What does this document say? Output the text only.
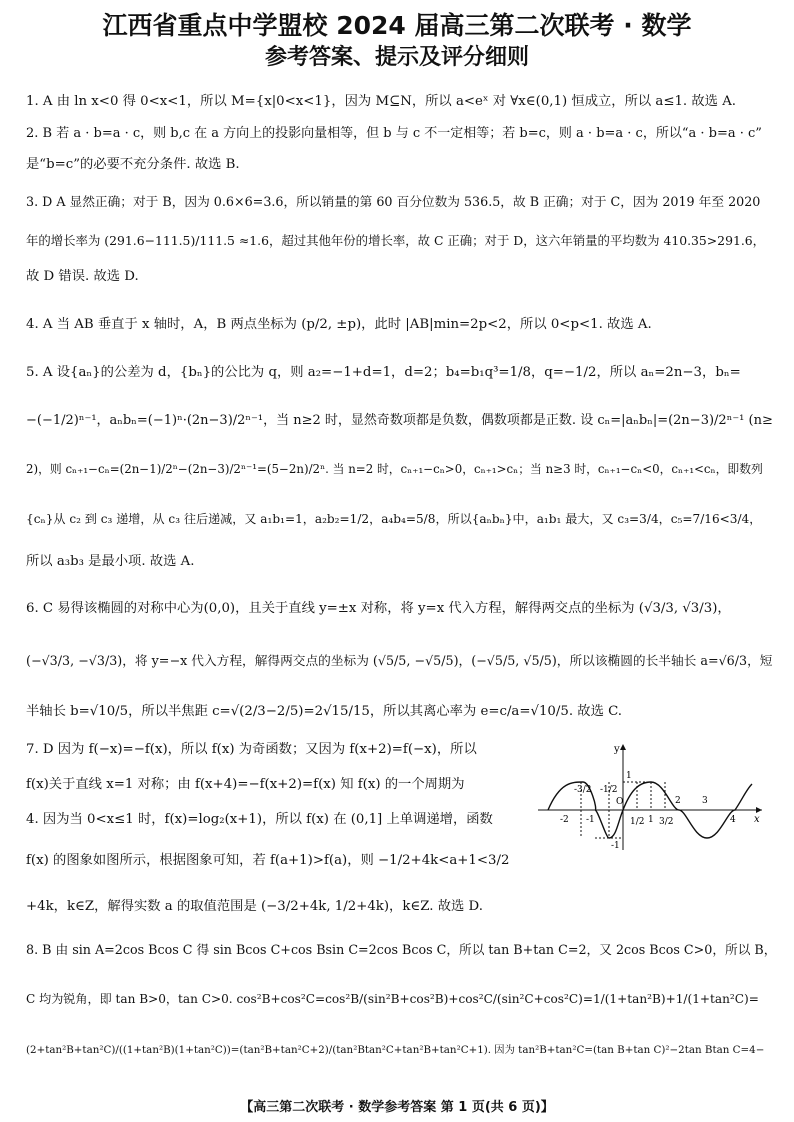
江西省重点中学盟校 2024 届高三第二次联考 · 数学
参考答案、提示及评分细则
1. A 由 ln x<0 得 0<x<1，所以 M={x|0<x<1}，因为 M⊆N，所以 a<eˣ 对 ∀x∈(0,1) 恒成立，所以 a≤1. 故选 A.
2. B 若 a · b=a · c，则 b,c 在 a 方向上的投影向量相等，但 b 与 c 不一定相等；若 b=c，则 a · b=a · c，所以“a · b=a · c”
是“b=c”的必要不充分条件. 故选 B.
3. D A 显然正确；对于 B，因为 0.6×6=3.6，所以销量的第 60 百分位数为 536.5，故 B 正确；对于 C，因为 2019 年至 2020
年的增长率为 (291.6−111.5)/111.5 ≈1.6，超过其他年份的增长率，故 C 正确；对于 D，这六年销量的平均数为 410.35>291.6，
故 D 错误. 故选 D.
4. A 当 AB 垂直于 x 轴时，A，B 两点坐标为 (p/2, ±p)，此时 |AB|min=2p<2，所以 0<p<1. 故选 A.
5. A 设{aₙ}的公差为 d，{bₙ}的公比为 q，则 a₂=−1+d=1，d=2；b₄=b₁q³=1/8，q=−1/2，所以 aₙ=2n−3，bₙ=
−(−1/2)ⁿ⁻¹，aₙbₙ=(−1)ⁿ·(2n−3)/2ⁿ⁻¹，当 n≥2 时，显然奇数项都是负数，偶数项都是正数. 设 cₙ=|aₙbₙ|=(2n−3)/2ⁿ⁻¹ (n≥
2)，则 cₙ₊₁−cₙ=(2n−1)/2ⁿ−(2n−3)/2ⁿ⁻¹=(5−2n)/2ⁿ. 当 n=2 时，cₙ₊₁−cₙ>0，cₙ₊₁>cₙ；当 n≥3 时，cₙ₊₁−cₙ<0，cₙ₊₁<cₙ，即数列
{cₙ}从 c₂ 到 c₃ 递增，从 c₃ 往后递减，又 a₁b₁=1，a₂b₂=1/2，a₄b₄=5/8，所以{aₙbₙ}中，a₁b₁ 最大，又 c₃=3/4，c₅=7/16<3/4，
所以 a₃b₃ 是最小项. 故选 A.
6. C 易得该椭圆的对称中心为(0,0)，且关于直线 y=±x 对称，将 y=x 代入方程，解得两交点的坐标为 (√3/3, √3/3)，
(−√3/3, −√3/3)，将 y=−x 代入方程，解得两交点的坐标为 (√5/5, −√5/5)，(−√5/5, √5/5)，所以该椭圆的长半轴长 a=√6/3，短
半轴长 b=√10/5，所以半焦距 c=√(2/3−2/5)=2√15/15，所以其离心率为 e=c/a=√10/5. 故选 C.
7. D 因为 f(−x)=−f(x)，所以 f(x) 为奇函数；又因为 f(x+2)=f(−x)，所以
f(x)关于直线 x=1 对称；由 f(x+4)=−f(x+2)=f(x) 知 f(x) 的一个周期为
4. 因为当 0<x≤1 时，f(x)=log₂(x+1)，所以 f(x) 在 (0,1] 上单调递增，函数
f(x) 的图象如图所示，根据图象可知，若 f(a+1)>f(a)，则 −1/2+4k<a+1<3/2
+4k，k∈Z，解得实数 a 的取值范围是 (−3/2+4k, 1/2+4k)，k∈Z. 故选 D.
8. B 由 sin A=2cos Bcos C 得 sin Bcos C+cos Bsin C=2cos Bcos C，所以 tan B+tan C=2，又 2cos Bcos C>0，所以 B，
C 均为锐角，即 tan B>0，tan C>0. cos²B+cos²C=cos²B/(sin²B+cos²B)+cos²C/(sin²C+cos²C)=1/(1+tan²B)+1/(1+tan²C)=
(2+tan²B+tan²C)/((1+tan²B)(1+tan²C))=(tan²B+tan²C+2)/(tan²Btan²C+tan²B+tan²C+1). 因为 tan²B+tan²C=(tan B+tan C)²−2tan Btan C=4−
y
x
O
-3/2 -1/2
2 3
-2 -1	1/2 1 3/2	4
1
-1
【高三第二次联考 · 数学参考答案 第 1 页(共 6 页)】
